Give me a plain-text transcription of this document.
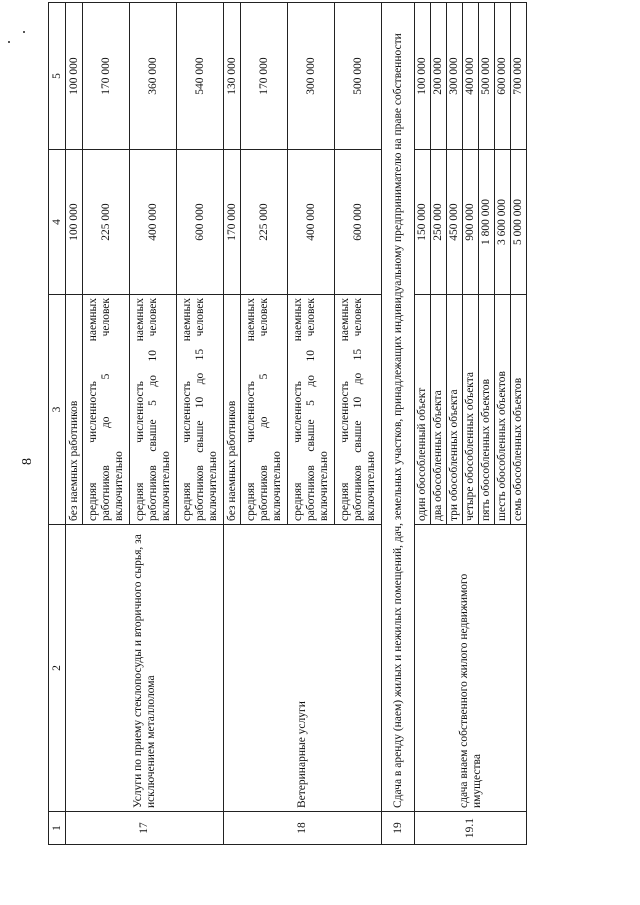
8
1	2	3	4	5
17	Услуги по приему стеклопосуды и вторичного сырья, за исключением металлолома	без наемных работников	100 000	100 000

		средняя численность наемных работников до 5 человек включительно	225 000	170 000

		средняя численность наемных работников свыше 5 до 10 человек включительно	400 000	360 000

		средняя численность наемных работников свыше 10 до 15 человек включительно	600 000	540 000
18	Ветеринарные услуги	без наемных работников	170 000	130 000

		средняя численность наемных работников до 5 человек включительно	225 000	170 000

		средняя численность наемных работников свыше 5 до 10 человек включительно	400 000	300 000

		средняя численность наемных работников свыше 10 до 15 человек включительно	600 000	500 000
19	Сдача в аренду (наем) жилых и нежилых помещений, дач, земельных участков, принадлежащих индивидуальному предпринимателю на праве собственности			
19.1	сдача внаем собственного жилого недвижимого имущества	один обособленный объект	150 000	100 000
		два обособленных объекта	250 000	200 000
		три обособленных объекта	450 000	300 000
		четыре обособленных объекта	900 000	400 000
		пять обособленных объектов	1 800 000	500 000
		шесть обособленных объектов	3 600 000	600 000
		семь обособленных объектов	5 000 000	700 000
